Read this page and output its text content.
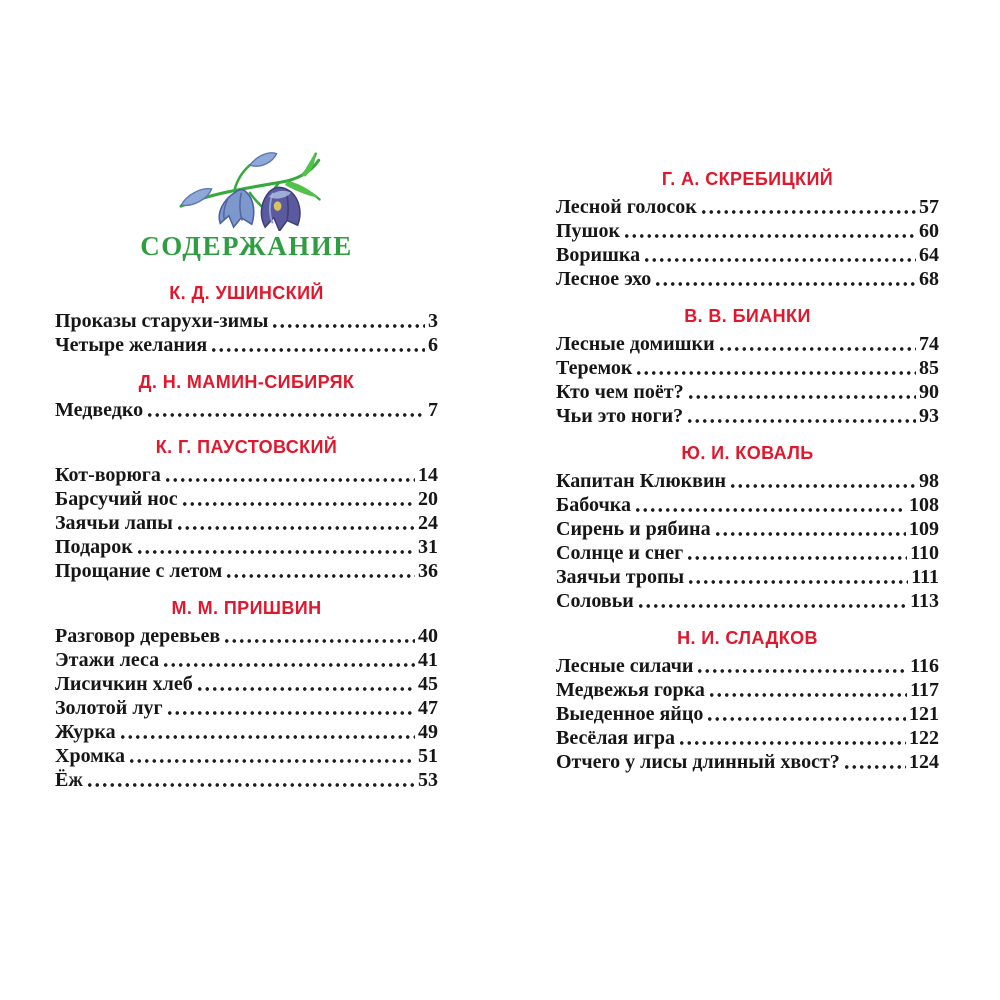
СОДЕРЖАНИЕ
К. Д. УШИНСКИЙ
Проказы старухи-зимы	3
Четыре желания	6
Д. Н. МАМИН-СИБИРЯК
Медведко	7
К. Г. ПАУСТОВСКИЙ
Кот-ворюга	14
Барсучий нос	20
Заячьи лапы	24
Подарок	31
Прощание с летом	36
М. М. ПРИШВИН
Разговор деревьев	40
Этажи леса	41
Лисичкин хлеб	45
Золотой луг	47
Журка	49
Хромка	51
Ёж	53
Г. А. СКРЕБИЦКИЙ
Лесной голосок	57
Пушок	60
Воришка	64
Лесное эхо	68
В. В. БИАНКИ
Лесные домишки	74
Теремок	85
Кто чем поёт?	90
Чьи это ноги?	93
Ю. И. КОВАЛЬ
Капитан Клюквин	98
Бабочка	108
Сирень и рябина	109
Солнце и снег	110
Заячьи тропы	111
Соловьи	113
Н. И. СЛАДКОВ
Лесные силачи	116
Медвежья горка	117
Выеденное яйцо	121
Весёлая игра	122
Отчего у лисы длинный хвост?	124
